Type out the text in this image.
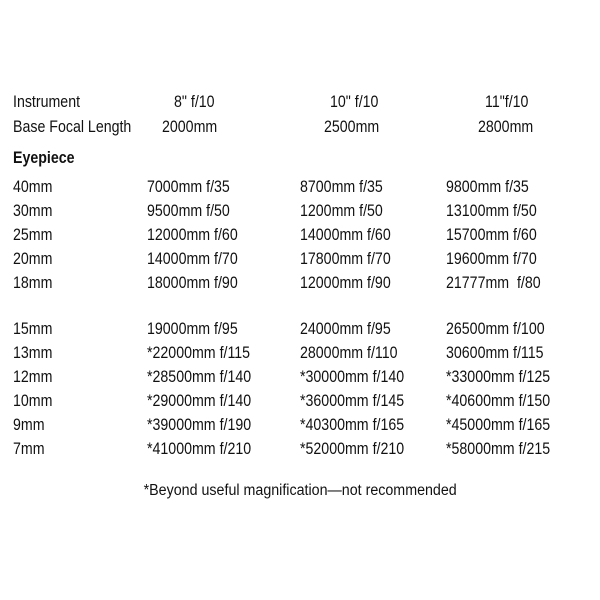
Instrument	8" f/10	10" f/10	11"f/10
Base Focal Length 2000mm	2500mm	2800mm
Eyepiece
40mm	7000mm f/35	8700mm f/35	9800mm f/35
30mm	9500mm f/50	1200mm f/50	13100mm f/50
25mm	12000mm f/60	14000mm f/60	15700mm f/60
20mm	14000mm f/70	17800mm f/70	19600mm f/70
18mm	18000mm f/90	12000mm f/90	21777mm  f/80
15mm	19000mm f/95	24000mm f/95	26500mm f/100
13mm	*22000mm f/115	28000mm f/110	30600mm f/115
12mm	*28500mm f/140	*30000mm f/140	*33000mm f/125
10mm	*29000mm f/140	*36000mm f/145	*40600mm f/150
9mm	*39000mm f/190	*40300mm f/165	*45000mm f/165
7mm	*41000mm f/210	*52000mm f/210	*58000mm f/215
*Beyond useful magnification—not recommended
